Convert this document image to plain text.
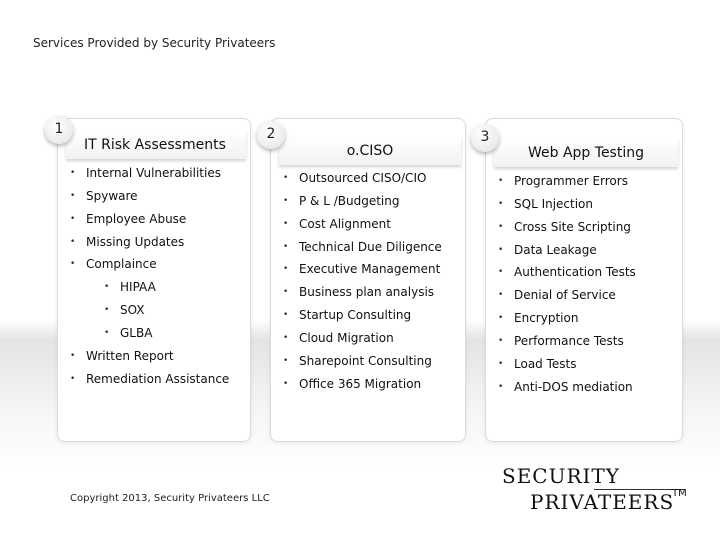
Services Provided by Security Privateers
IT Risk Assessments
• Internal Vulnerabilities
• Spyware
• Employee Abuse
• Missing Updates
• Complaince
• HIPAA
• SOX
• GLBA
• Written Report
• Remediation Assistance
1
o.CISO
• Outsourced CISO/CIO
• P & L /Budgeting
• Cost Alignment
• Technical Due Diligence
• Executive Management
• Business plan analysis
• Startup Consulting
• Cloud Migration
• Sharepoint Consulting
• Office 365 Migration
2
Web App Testing
• Programmer Errors
• SQL Injection
• Cross Site Scripting
• Data Leakage
• Authentication Tests
• Denial of Service
• Encryption
• Performance Tests
• Load Tests
• Anti-DOS mediation
3
Copyright 2013, Security Privateers LLC
SECURITY
PRIVATEERS
TM
